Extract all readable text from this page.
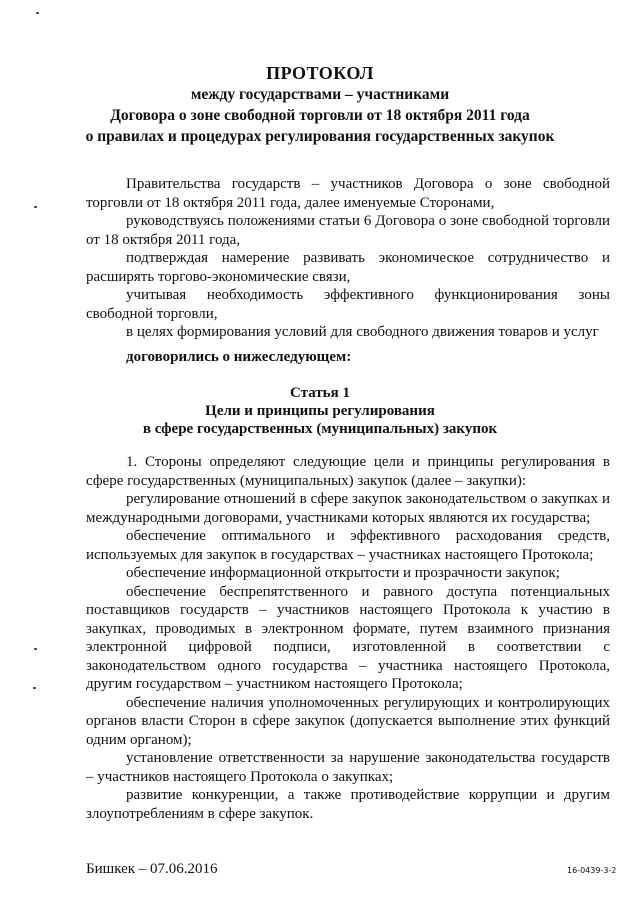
ПРОТОКОЛ
между государствами – участниками
Договора о зоне свободной торговли от 18 октября 2011 года
о правилах и процедурах регулирования государственных закупок

Правительства государств – участников Договора о зоне свободной торговли от 18 октября 2011 года, далее именуемые Сторонами,

руководствуясь положениями статьи 6 Договора о зоне свободной торговли от 18 октября 2011 года,

подтверждая намерение развивать экономическое сотрудничество и расширять торгово-экономические связи,

учитывая необходимость эффективного функционирования зоны свободной торговли,

в целях формирования условий для свободного движения товаров и услуг

договорились о нижеследующем:
Статья 1
Цели и принципы регулирования
в сфере государственных (муниципальных) закупок

1. Стороны определяют следующие цели и принципы регулирования в сфере государственных (муниципальных) закупок (далее – закупки):

регулирование отношений в сфере закупок законодательством о закупках и международными договорами, участниками которых являются их государства;

обеспечение оптимального и эффективного расходования средств, используемых для закупок в государствах – участниках настоящего Протокола;

обеспечение информационной открытости и прозрачности закупок;

обеспечение беспрепятственного и равного доступа потенциальных поставщиков государств – участников настоящего Протокола к участию в закупках, проводимых в электронном формате, путем взаимного признания электронной цифровой подписи, изготовленной в соответствии с законодательством одного государства – участника настоящего Протокола, другим государством – участником настоящего Протокола;

обеспечение наличия уполномоченных регулирующих и контролирующих органов власти Сторон в сфере закупок (допускается выполнение этих функций одним органом);

установление ответственности за нарушение законодательства государств – участников настоящего Протокола о закупках;

развитие конкуренции, а также противодействие коррупции и другим злоупотреблениям в сфере закупок.

Бишкек – 07.06.2016	16-0439-3-2
